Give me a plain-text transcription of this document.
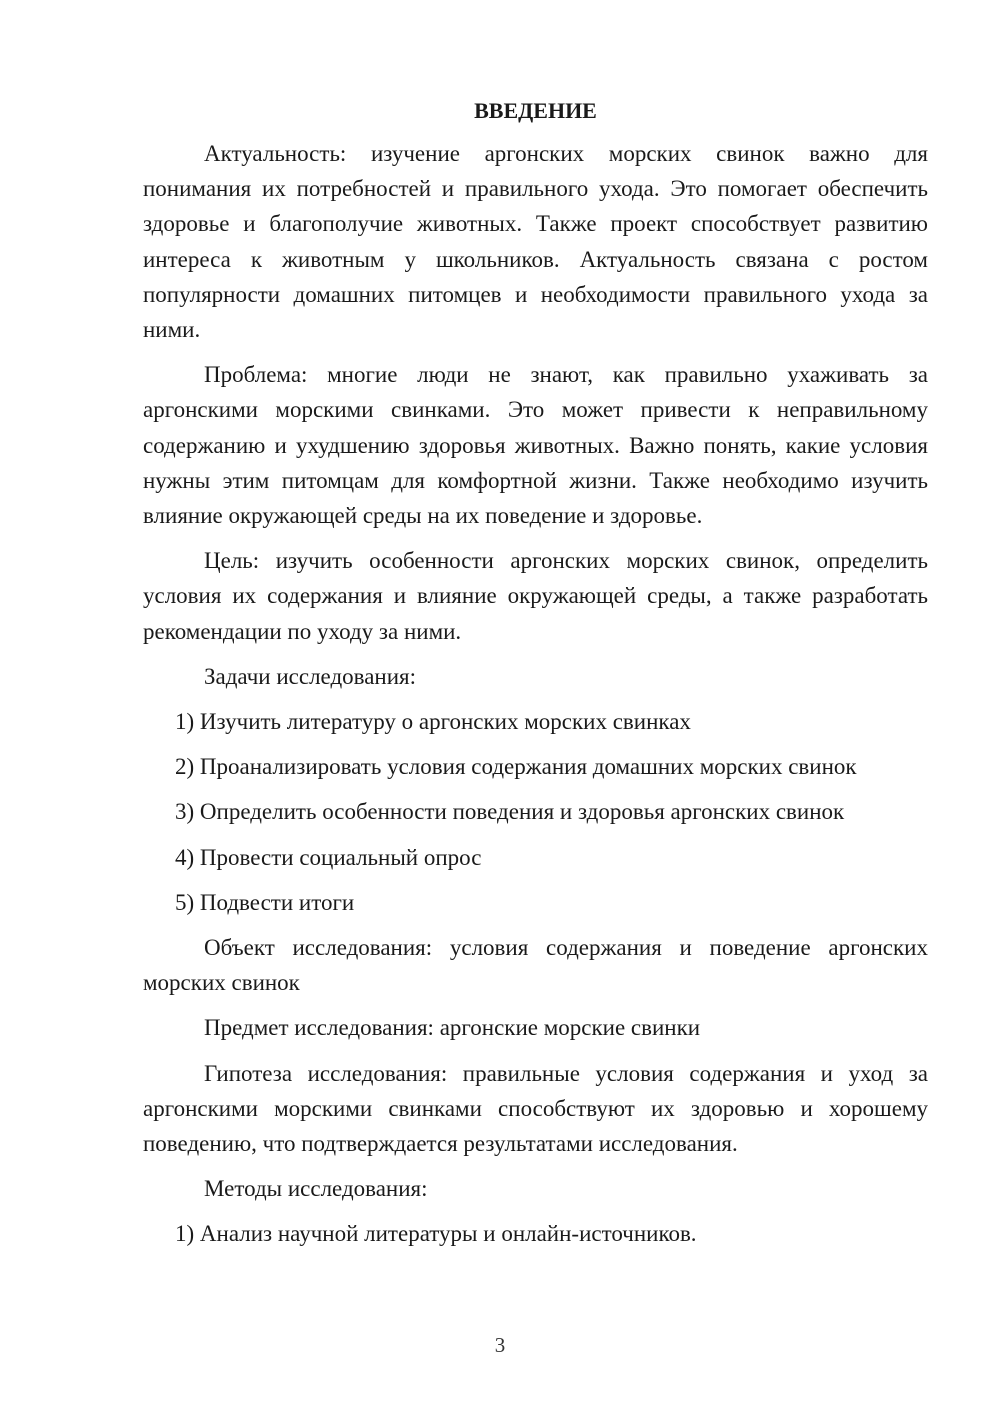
ВВЕДЕНИЕ

Актуальность: изучение аргонских морских свинок важно для понимания их потребностей и правильного ухода. Это помогает обеспечить здоровье и благополучие животных. Также проект способствует развитию интереса к животным у школьников. Актуальность связана с ростом популярности домашних питомцев и необходимости правильного ухода за ними.

Проблема: многие люди не знают, как правильно ухаживать за аргонскими морскими свинками. Это может привести к неправильному содержанию и ухудшению здоровья животных. Важно понять, какие условия нужны этим питомцам для комфортной жизни. Также необходимо изучить влияние окружающей среды на их поведение и здоровье.

Цель: изучить особенности аргонских морских свинок, определить условия их содержания и влияние окружающей среды, а также разработать рекомендации по уходу за ними.

Задачи исследования:

1) Изучить литературу о аргонских морских свинках

2) Проанализировать условия содержания домашних морских свинок

3) Определить особенности поведения и здоровья аргонских свинок

4) Провести социальный опрос

5) Подвести итоги

Объект исследования: условия содержания и поведение аргонских морских свинок

Предмет исследования: аргонские морские свинки

Гипотеза исследования: правильные условия содержания и уход за аргонскими морскими свинками способствуют их здоровью и хорошему поведению, что подтверждается результатами исследования.

Методы исследования:

1) Анализ научной литературы и онлайн-источников.

3
